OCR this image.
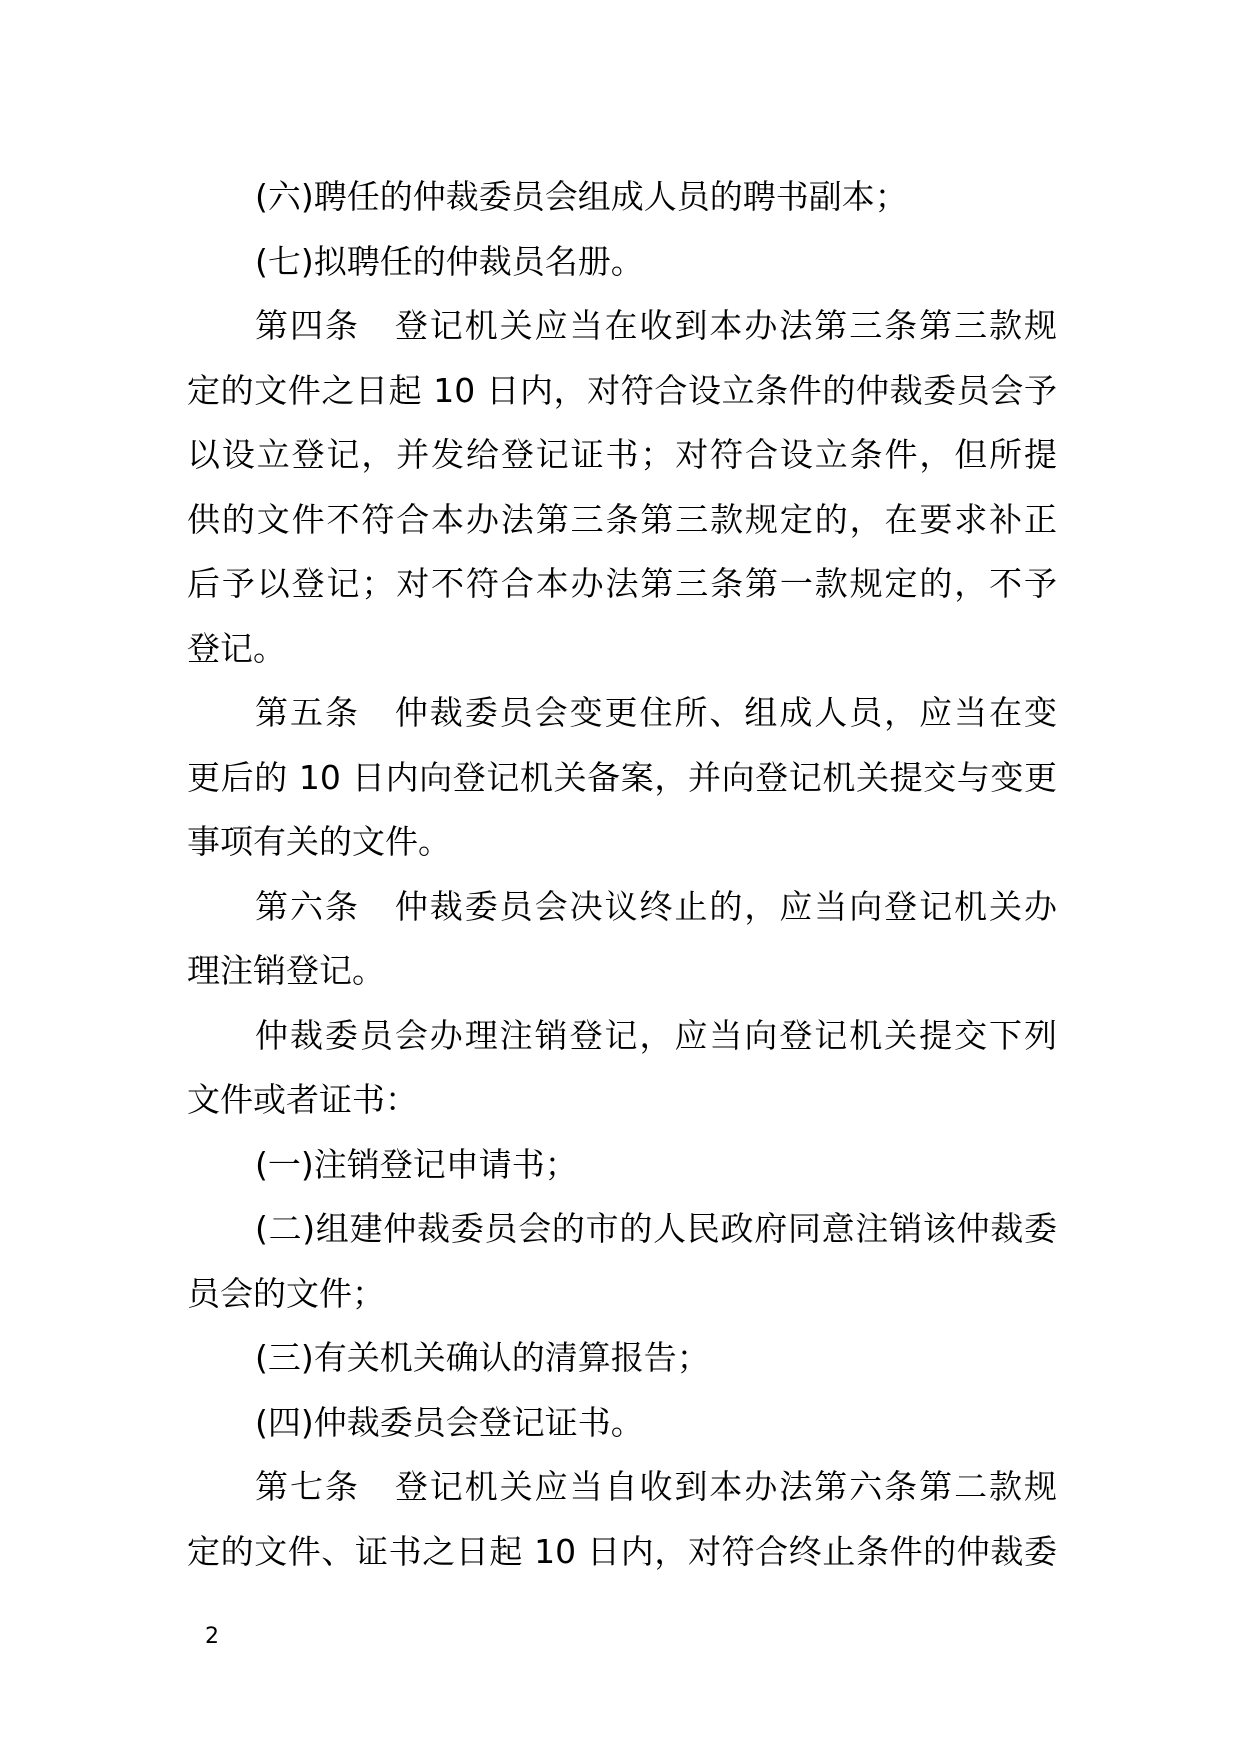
(六)聘任的仲裁委员会组成人员的聘书副本；
(七)拟聘任的仲裁员名册。
第四条　登记机关应当在收到本办法第三条第三款规
定的文件之日起 10 日内，对符合设立条件的仲裁委员会予
以设立登记，并发给登记证书；对符合设立条件，但所提
供的文件不符合本办法第三条第三款规定的，在要求补正
后予以登记；对不符合本办法第三条第一款规定的，不予
登记。
第五条　仲裁委员会变更住所、组成人员，应当在变
更后的 10 日内向登记机关备案，并向登记机关提交与变更
事项有关的文件。
第六条　仲裁委员会决议终止的，应当向登记机关办
理注销登记。
仲裁委员会办理注销登记，应当向登记机关提交下列
文件或者证书：
(一)注销登记申请书；
(二)组建仲裁委员会的市的人民政府同意注销该仲裁委
员会的文件；
(三)有关机关确认的清算报告；
(四)仲裁委员会登记证书。
第七条　登记机关应当自收到本办法第六条第二款规
定的文件、证书之日起 10 日内，对符合终止条件的仲裁委
2
